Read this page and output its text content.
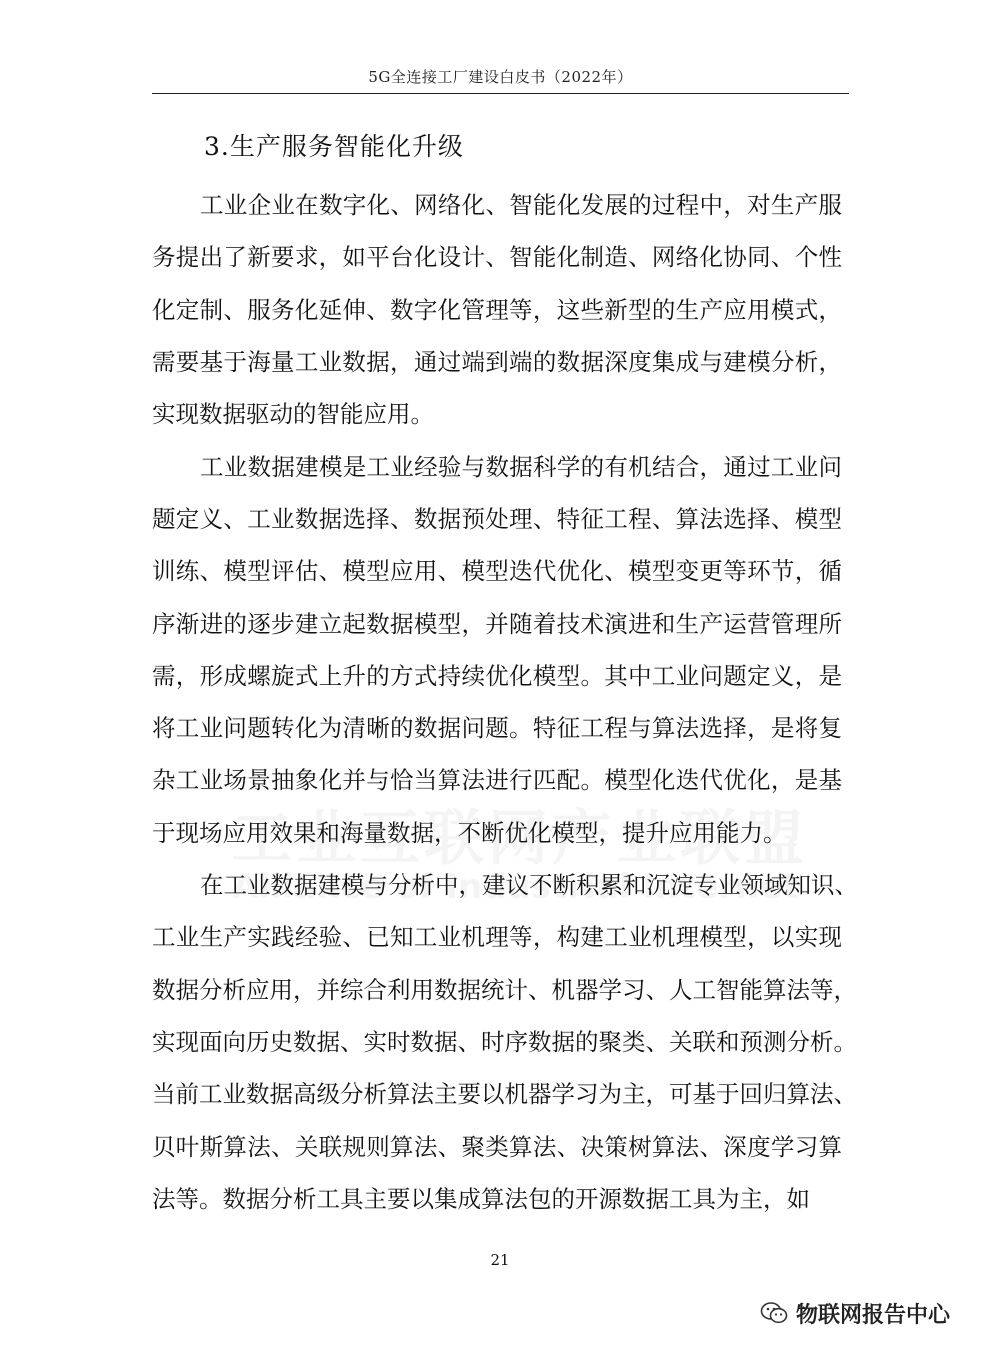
5G全连接工厂建设白皮书（2022年）
3.生产服务智能化升级
工业企业在数字化、网络化、智能化发展的过程中，对生产服
务提出了新要求，如平台化设计、智能化制造、网络化协同、个性
化定制、服务化延伸、数字化管理等，这些新型的生产应用模式，
需要基于海量工业数据，通过端到端的数据深度集成与建模分析，
实现数据驱动的智能应用。
工业数据建模是工业经验与数据科学的有机结合，通过工业问
题定义、工业数据选择、数据预处理、特征工程、算法选择、模型
训练、模型评估、模型应用、模型迭代优化、模型变更等环节，循
序渐进的逐步建立起数据模型，并随着技术演进和生产运营管理所
需，形成螺旋式上升的方式持续优化模型。其中工业问题定义，是
将工业问题转化为清晰的数据问题。特征工程与算法选择，是将复
杂工业场景抽象化并与恰当算法进行匹配。模型化迭代优化，是基
于现场应用效果和海量数据，不断优化模型，提升应用能力。
在工业数据建模与分析中，建议不断积累和沉淀专业领域知识、
工业生产实践经验、已知工业机理等，构建工业机理模型，以实现
数据分析应用，并综合利用数据统计、机器学习、人工智能算法等，
实现面向历史数据、实时数据、时序数据的聚类、关联和预测分析。
当前工业数据高级分析算法主要以机器学习为主，可基于回归算法、
贝叶斯算法、关联规则算法、聚类算法、决策树算法、深度学习算
法等。数据分析工具主要以集成算法包的开源数据工具为主，如
21
物联网报告中心
